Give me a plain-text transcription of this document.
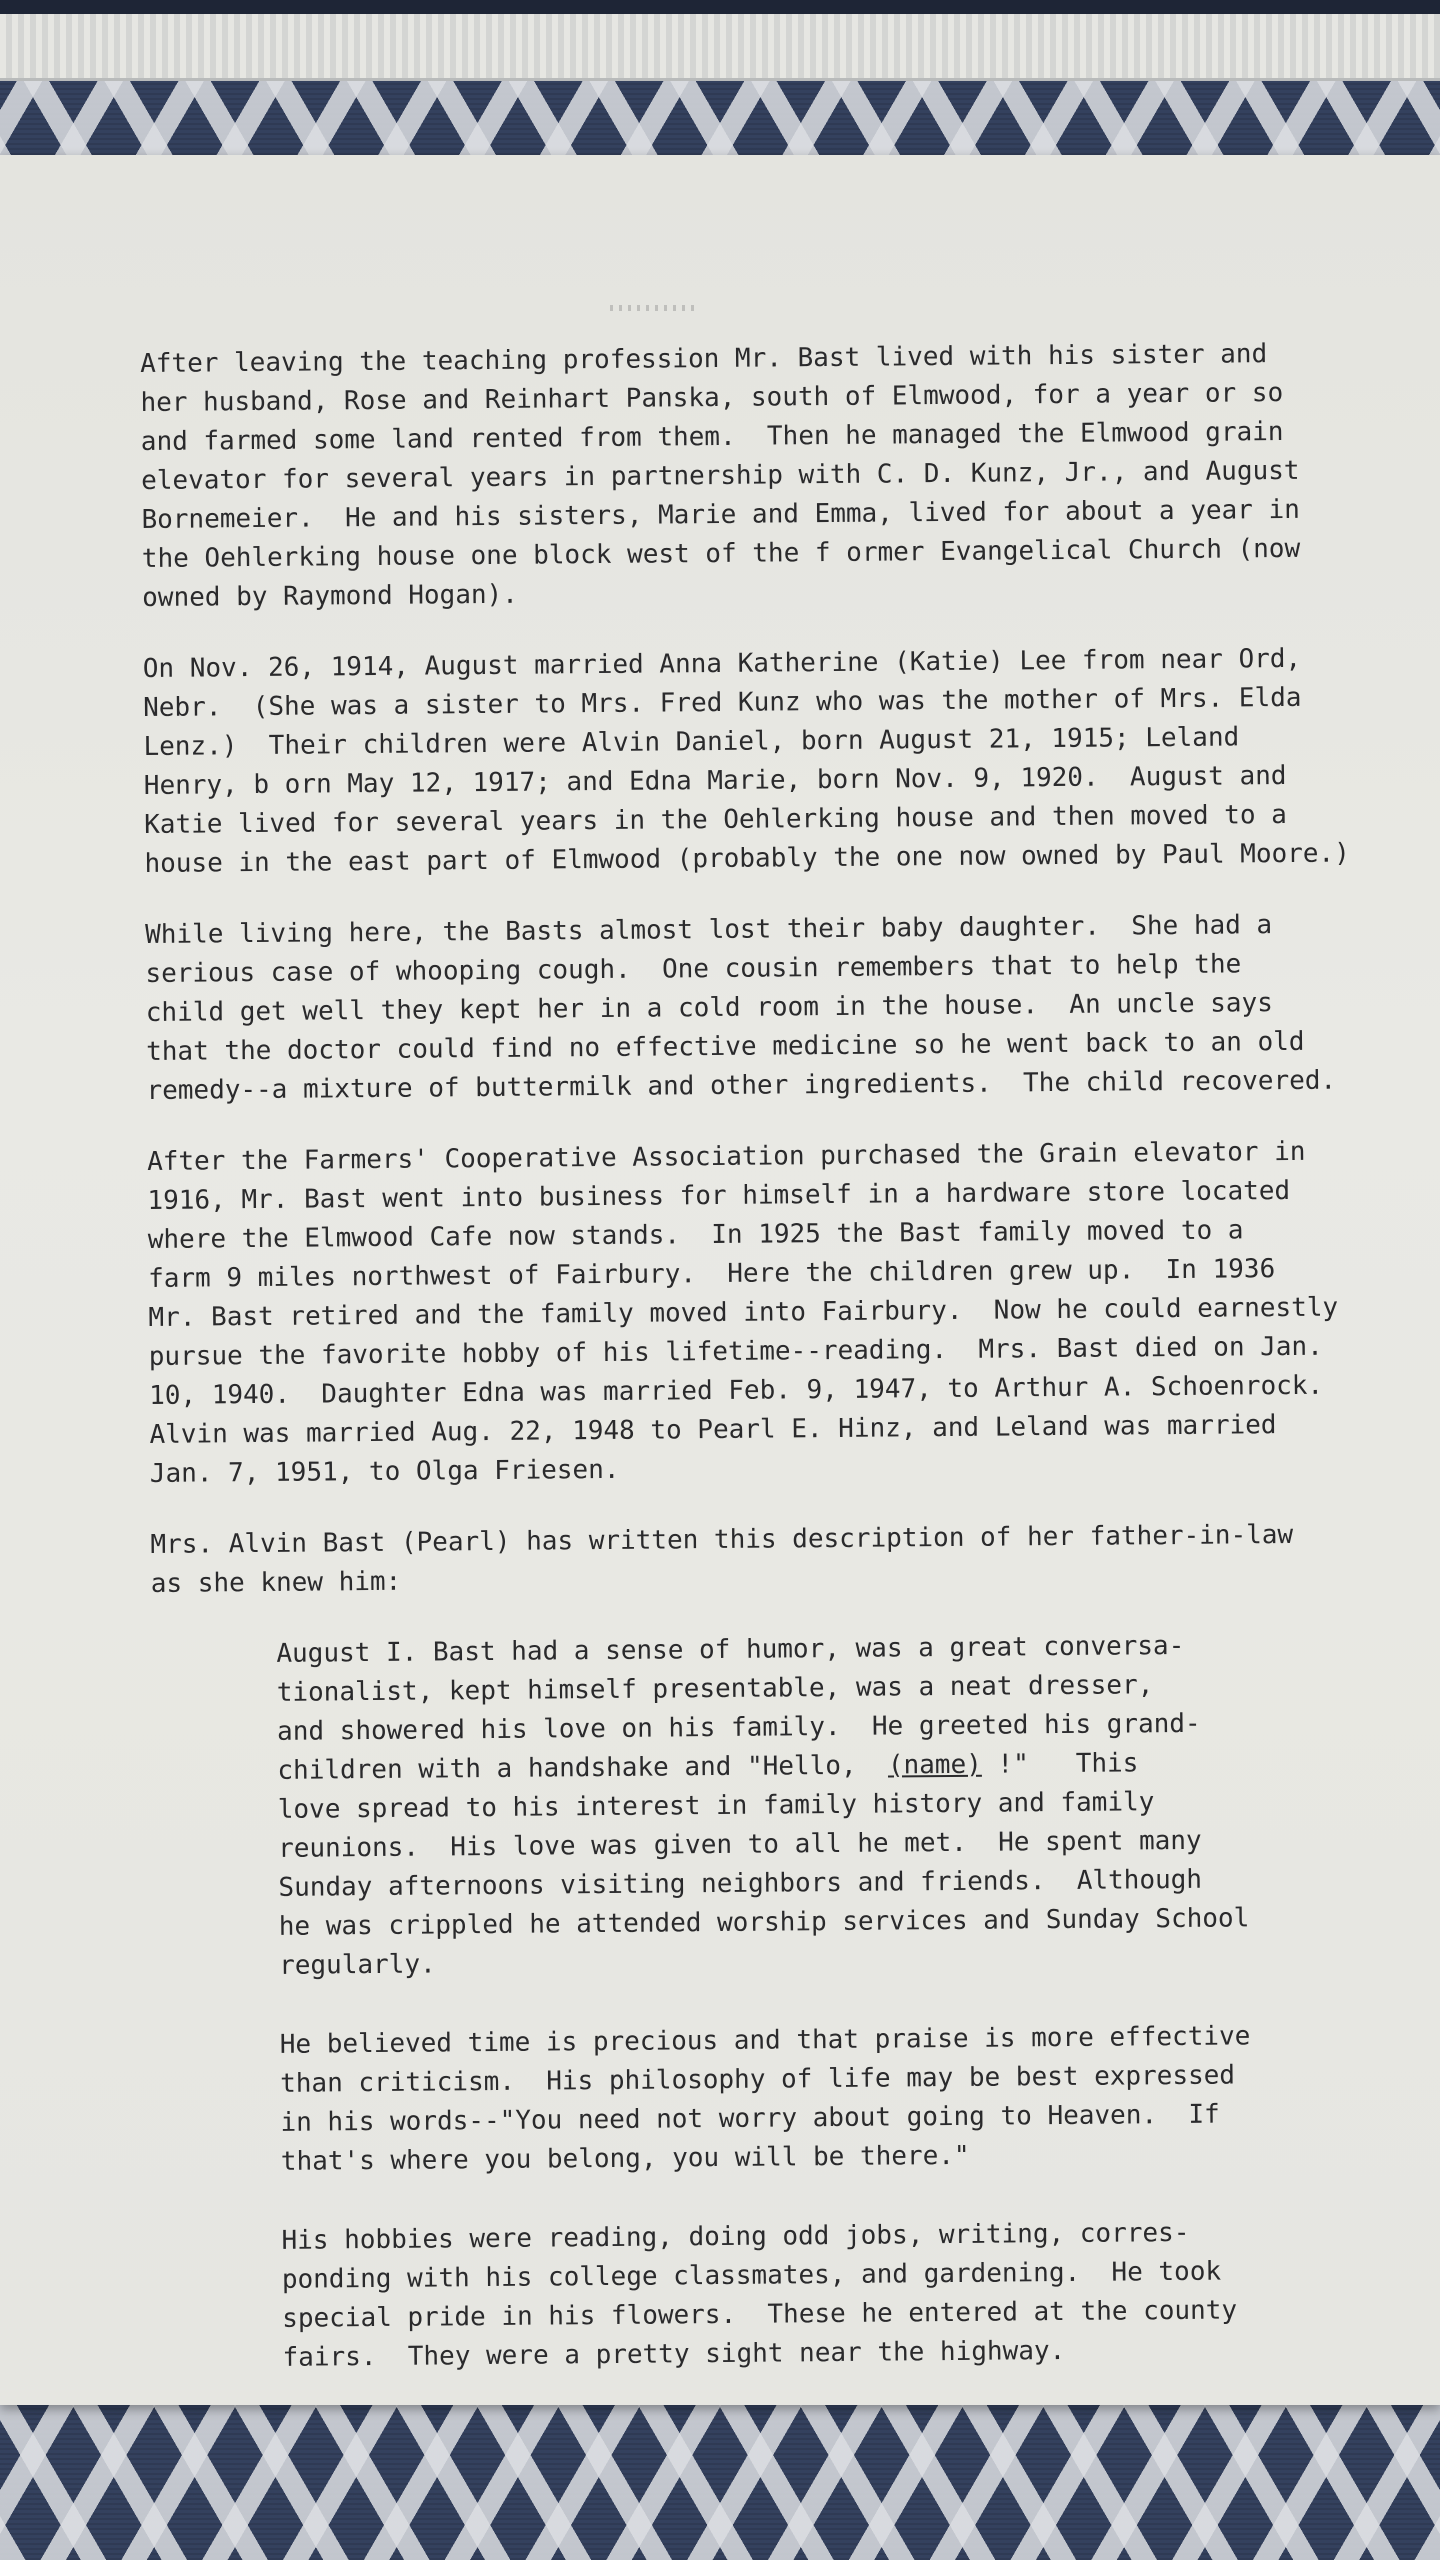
After leaving the teaching profession Mr. Bast lived with his sister and
her husband, Rose and Reinhart Panska, south of Elmwood, for a year or so
and farmed some land rented from them.  Then he managed the Elmwood grain
elevator for several years in partnership with C. D. Kunz, Jr., and August
Bornemeier.  He and his sisters, Marie and Emma, lived for about a year in
the Oehlerking house one block west of the f ormer Evangelical Church (now
owned by Raymond Hogan).
On Nov. 26, 1914, August married Anna Katherine (Katie) Lee from near Ord,
Nebr.  (She was a sister to Mrs. Fred Kunz who was the mother of Mrs. Elda
Lenz.)  Their children were Alvin Daniel, born August 21, 1915; Leland
Henry, b orn May 12, 1917; and Edna Marie, born Nov. 9, 1920.  August and
Katie lived for several years in the Oehlerking house and then moved to a
house in the east part of Elmwood (probably the one now owned by Paul Moore.)
While living here, the Basts almost lost their baby daughter.  She had a
serious case of whooping cough.  One cousin remembers that to help the
child get well they kept her in a cold room in the house.  An uncle says
that the doctor could find no effective medicine so he went back to an old
remedy--a mixture of buttermilk and other ingredients.  The child recovered.
After the Farmers' Cooperative Association purchased the Grain elevator in
1916, Mr. Bast went into business for himself in a hardware store located
where the Elmwood Cafe now stands.  In 1925 the Bast family moved to a
farm 9 miles northwest of Fairbury.  Here the children grew up.  In 1936
Mr. Bast retired and the family moved into Fairbury.  Now he could earnestly
pursue the favorite hobby of his lifetime--reading.  Mrs. Bast died on Jan.
10, 1940.  Daughter Edna was married Feb. 9, 1947, to Arthur A. Schoenrock.
Alvin was married Aug. 22, 1948 to Pearl E. Hinz, and Leland was married
Jan. 7, 1951, to Olga Friesen.
Mrs. Alvin Bast (Pearl) has written this description of her father-in-law
as she knew him:
August I. Bast had a sense of humor, was a great conversa-
tionalist, kept himself presentable, was a neat dresser,
and showered his love on his family.  He greeted his grand-
children with a handshake and "Hello,  (name) !"   This
love spread to his interest in family history and family
reunions.  His love was given to all he met.  He spent many
Sunday afternoons visiting neighbors and friends.  Although
he was crippled he attended worship services and Sunday School
regularly.
He believed time is precious and that praise is more effective
than criticism.  His philosophy of life may be best expressed
in his words--"You need not worry about going to Heaven.  If
that's where you belong, you will be there."
His hobbies were reading, doing odd jobs, writing, corres-
ponding with his college classmates, and gardening.  He took
special pride in his flowers.  These he entered at the county
fairs.  They were a pretty sight near the highway.
